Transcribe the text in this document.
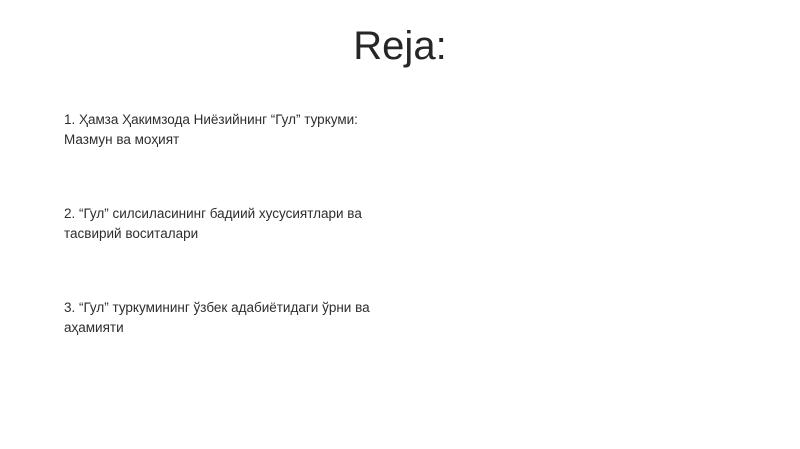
Reja:
1. Ҳамза Ҳакимзода Ниёзийнинг “Гул” туркуми: Мазмун ва моҳият
2. “Гул” силсиласининг бадиий хусусиятлари ва тасвирий воситалари
3. “Гул” туркумининг ўзбек адабиётидаги ўрни ва аҳамияти
